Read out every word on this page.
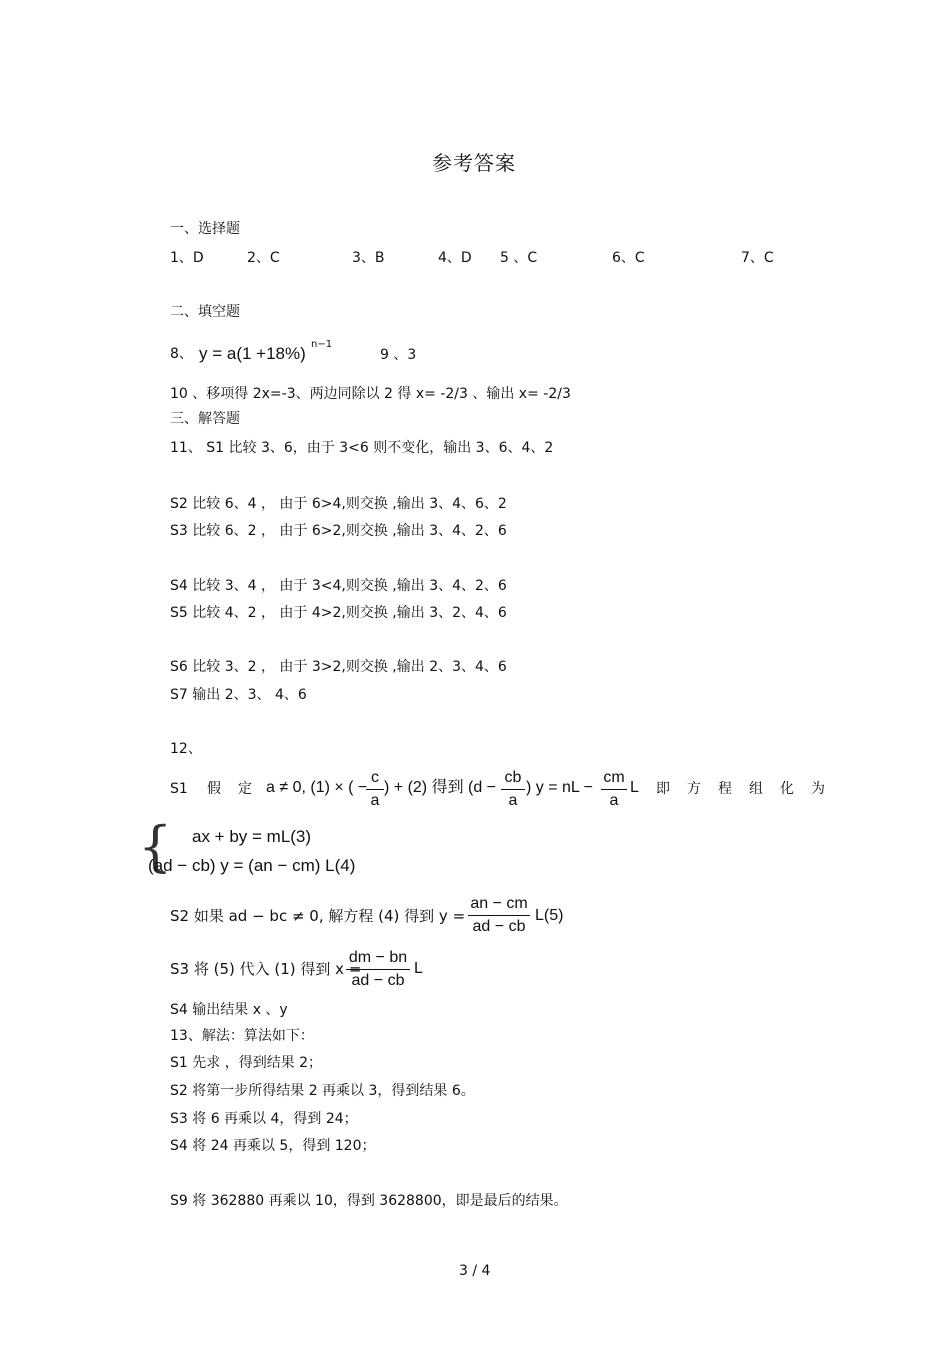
参考答案
一、选择题
1、D	2、C	3、B	4、D 5 、C	6、C	7、C
二、填空题
8、 y = a(1 +18%) n−1
9 、3
10 、移项得 2x=-3、两边同除以 2 得 x= -2/3 、输出 x= -2/3
三、解答题
11、 S1 比较 3、6，由于 3<6 则不变化，输出 3、6、4、2
S2 比较 6、4 ， 由于 6>4,则交换 ,输出 3、4、6、2
S3 比较 6、2 ， 由于 6>2,则交换 ,输出 3、4、2、6
S4 比较 3、4 ， 由于 3<4,则交换 ,输出 3、4、2、6
S5 比较 4、2 ， 由于 4>2,则交换 ,输出 3、2、4、6
S6 比较 3、2 ， 由于 3>2,则交换 ,输出 2、3、4、6
S7 输出 2、3、 4、6
12、
S1 假定
a ≠ 0, (1) × ( −
c
a
) + (2) 得到 (d −
cb
a
) y = nL −
cm
a
L 即方程组化为
{ ax + by = mL(3)
(ad − cb) y = (an − cm) L(4)
S2 如果 ad − bc ≠ 0, 解方程 (4) 得到 y =
an − cm
ad − cb
L(5)
S3 将 (5) 代入 (1) 得到 x =
dm − bn
ad − cb
L
S4 输出结果 x 、y
13、解法：算法如下：
S1 先求 ，得到结果 2；
S2 将第一步所得结果 2 再乘以 3，得到结果 6。
S3 将 6 再乘以 4，得到 24；
S4 将 24 再乘以 5，得到 120；
S9 将 362880 再乘以 10，得到 3628800，即是最后的结果。
3 / 4
